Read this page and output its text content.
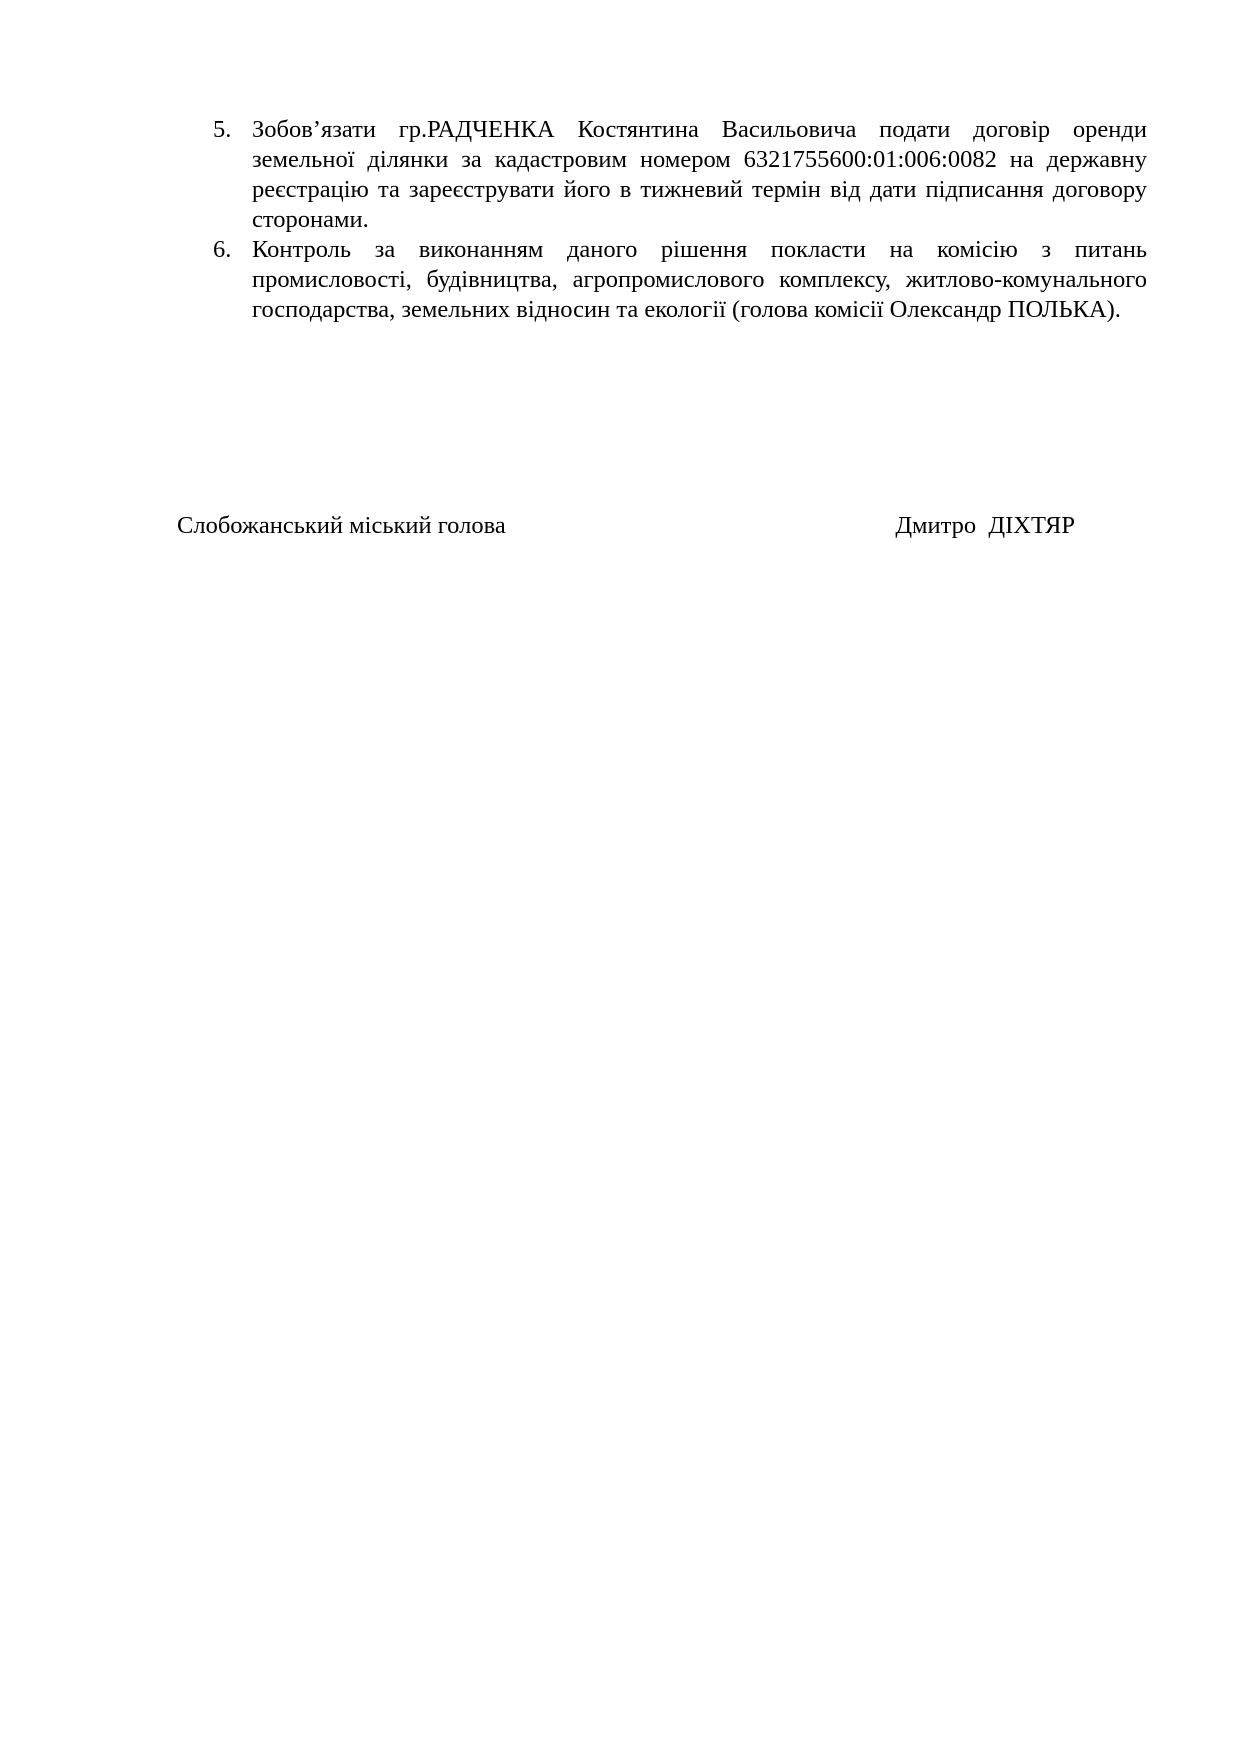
5. Зобов’язати гр.РАДЧЕНКА Костянтина Васильовича подати договір оренди земельної ділянки за кадастровим номером 6321755600:01:006:0082 на державну реєстрацію та зареєструвати його в тижневий термін від дати підписання договору сторонами.
6. Контроль за виконанням даного рішення покласти на комісію з питань промисловості, будівництва, агропромислового комплексу, житлово-комунального господарства, земельних відносин та екології (голова комісії Олександр ПОЛЬКА).
Слобожанський міський голова	Дмитро  ДІХТЯР
